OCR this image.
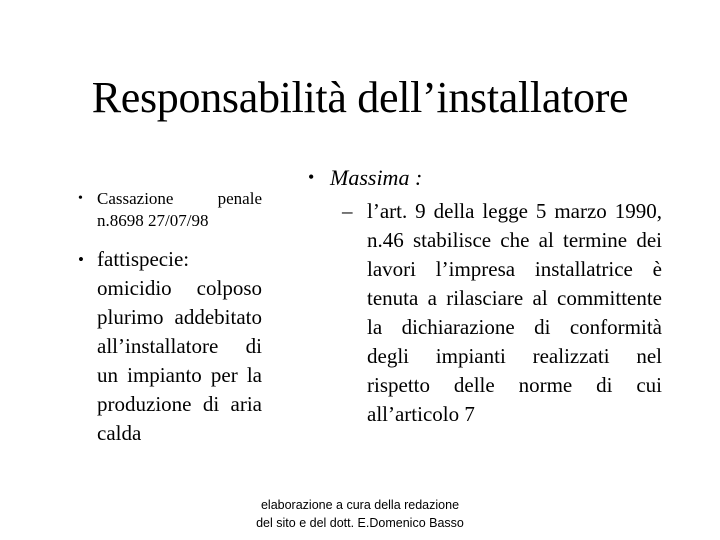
Responsabilità dell’installatore
• Cassazione penale n.8698 27/07/98
• fattispecie: omicidio colposo plurimo addebitato all’installatore di un impianto per la produzione di aria calda
• Massima :
– l’art. 9 della legge 5 marzo 1990, n.46 stabilisce che al termine dei lavori l’impresa installatrice è tenuta a rilasciare al committente la dichiarazione di conformità degli impianti realizzati nel rispetto delle norme di cui all’articolo 7
elaborazione a cura della redazione
del sito e del dott. E.Domenico Basso
